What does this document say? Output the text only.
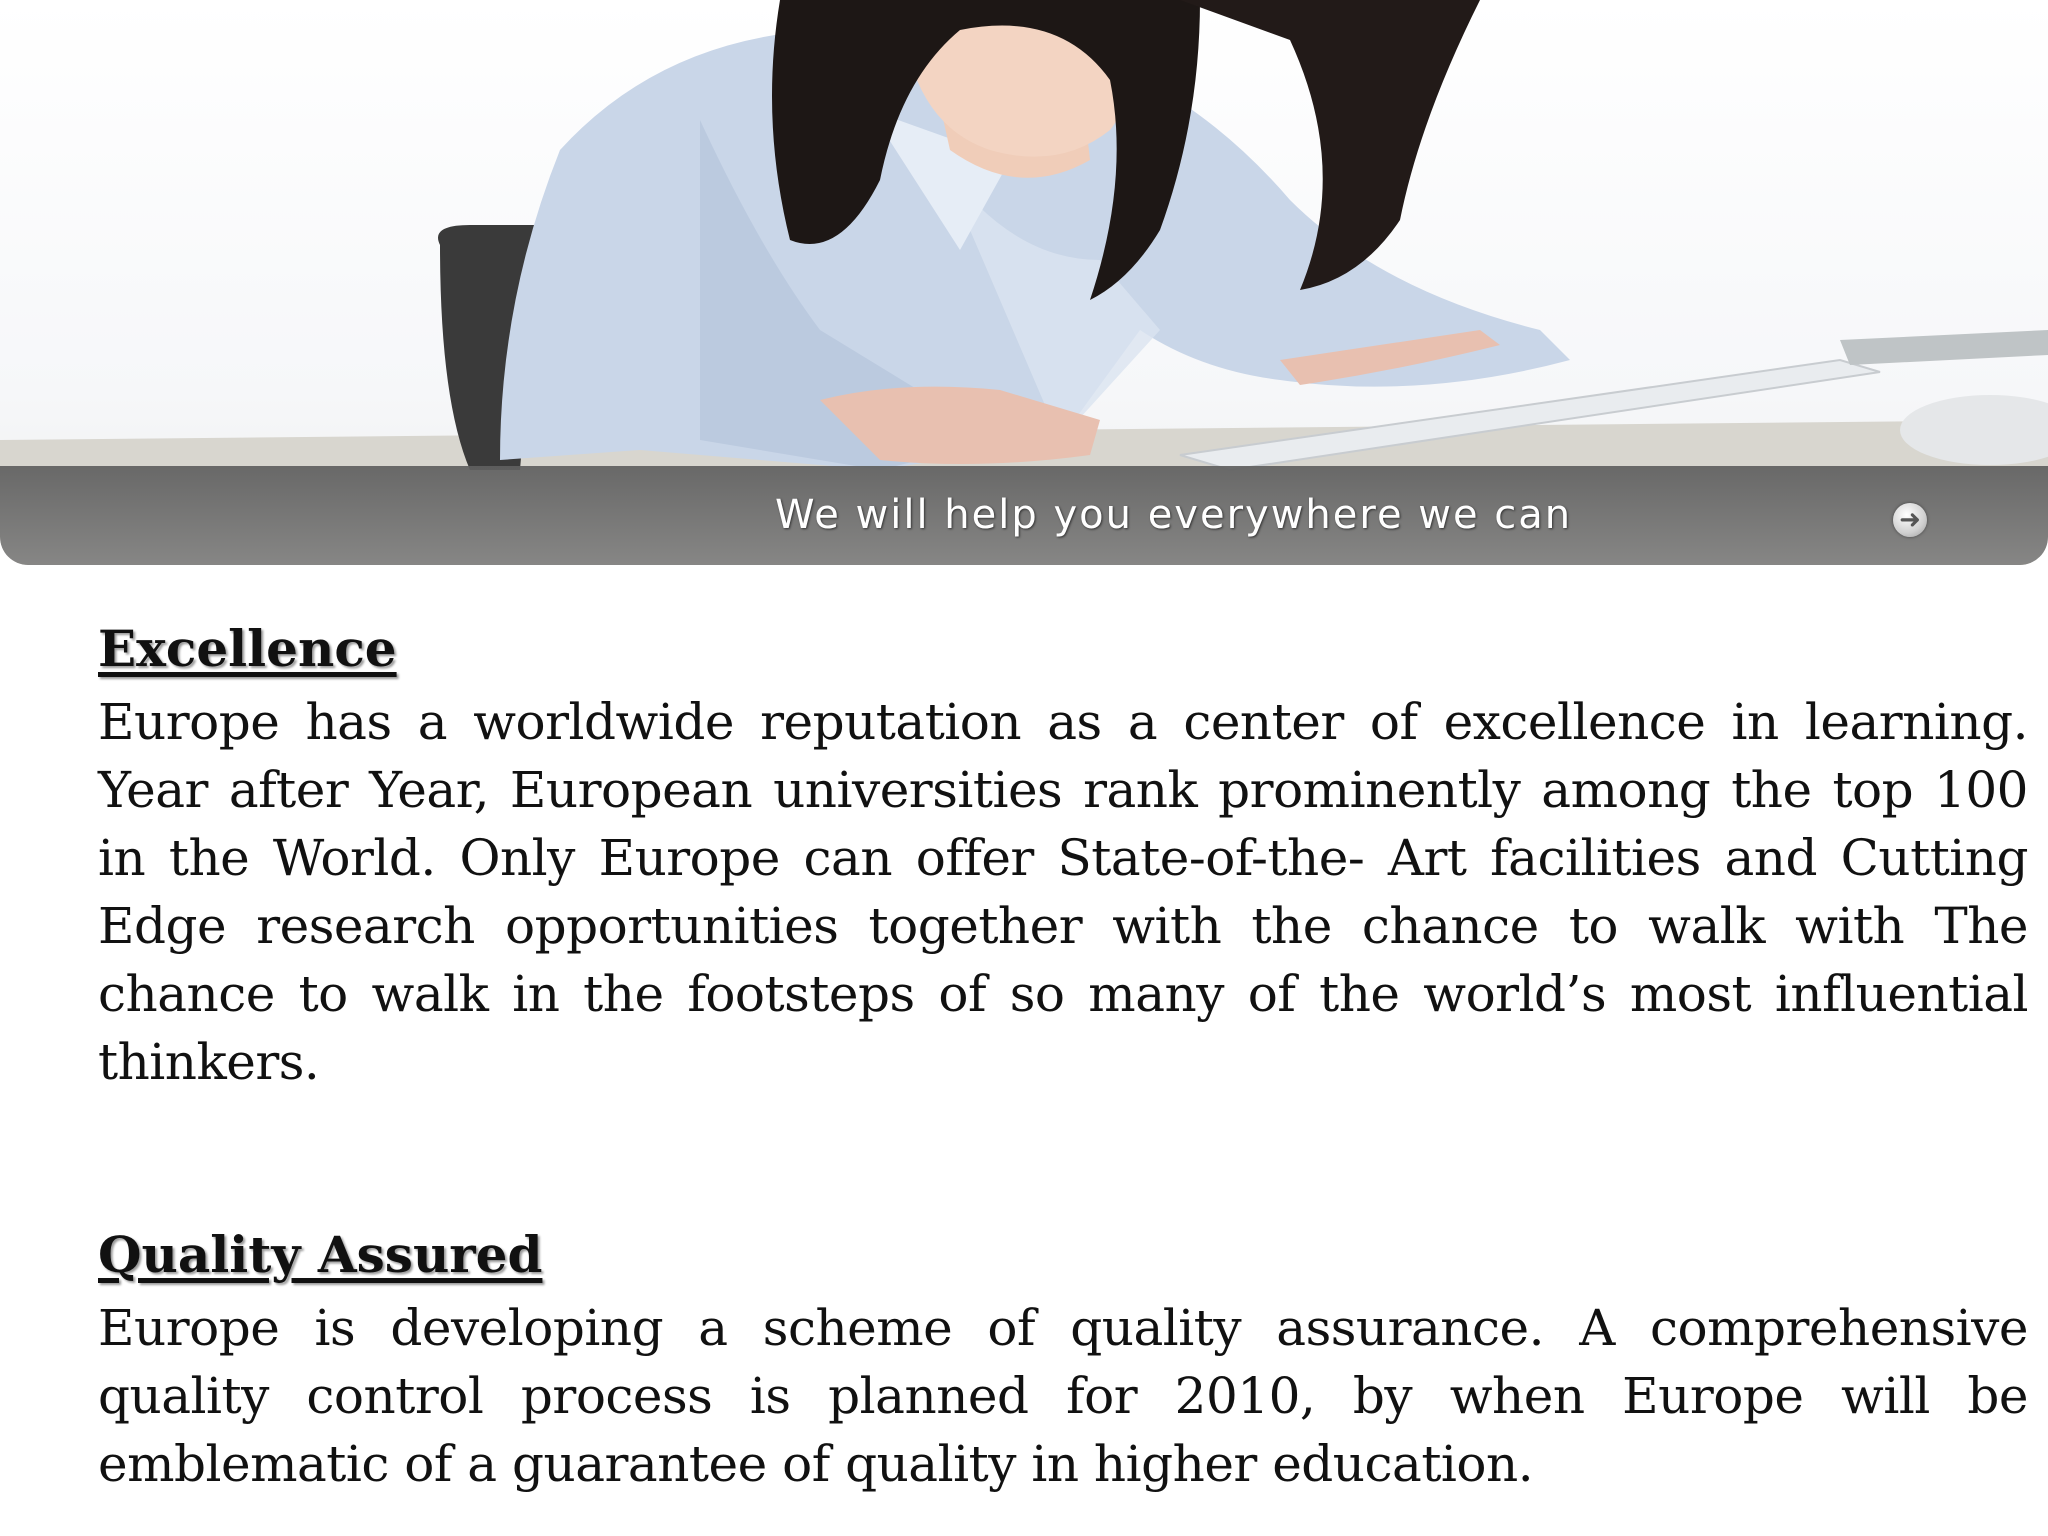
We will help you everywhere we can	➜
Excellence

Europe has a worldwide reputation as a center of excellence in learning. Year after Year, European universities rank prominently among the top 100 in the World. Only Europe can offer State-of-the- Art facilities and Cutting Edge research opportunities together with the chance to walk with The chance to walk in the footsteps of so many of the world’s most influential thinkers.

Quality Assured

Europe is developing a scheme of quality assurance. A comprehensive quality control process is planned for 2010, by when Europe will be emblematic of a guarantee of quality in higher education.
